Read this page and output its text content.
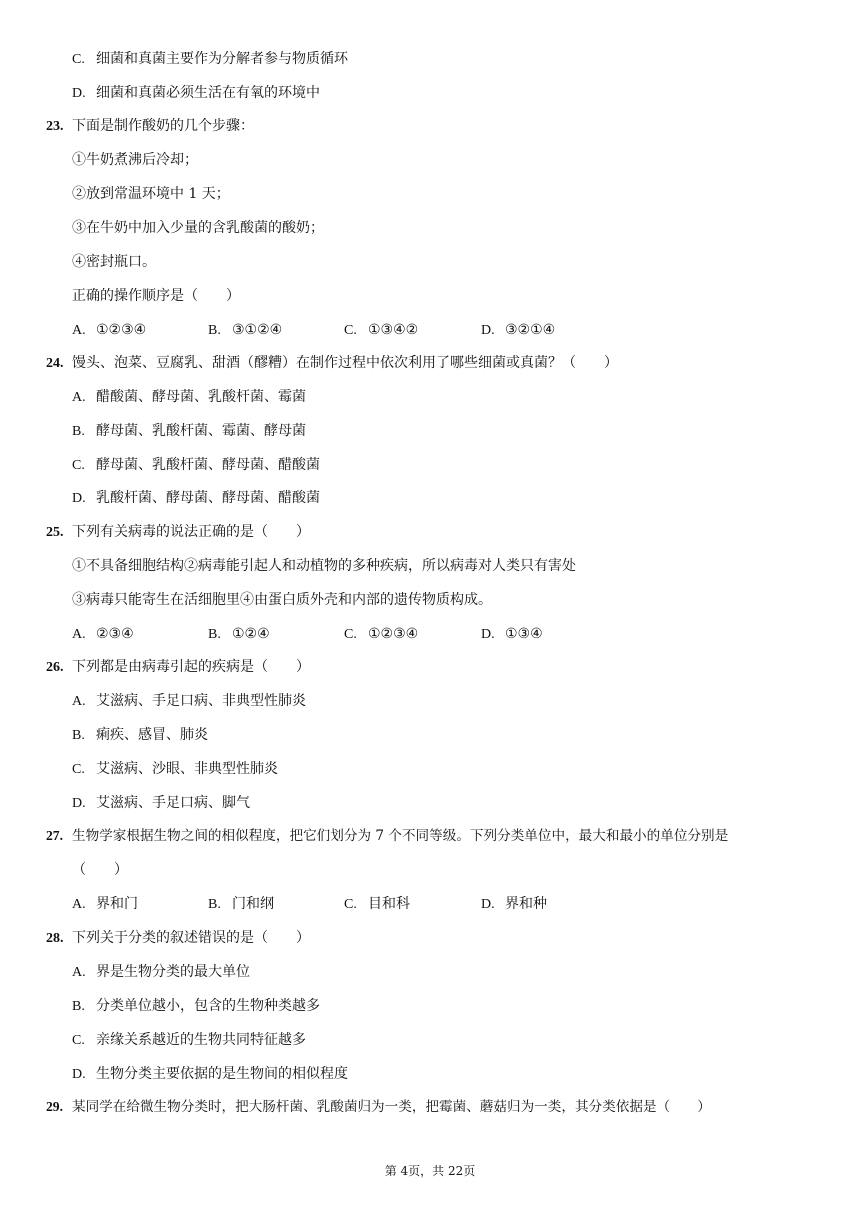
C. 细菌和真菌主要作为分解者参与物质循环
D. 细菌和真菌必须生活在有氧的环境中
23. 下面是制作酸奶的几个步骤：
①牛奶煮沸后冷却；
②放到常温环境中 1 天；
③在牛奶中加入少量的含乳酸菌的酸奶；
④密封瓶口。
正确的操作顺序是（　　）
A. ①②③④	B. ③①②④	C. ①③④②	D. ③②①④
24. 馒头、泡菜、豆腐乳、甜酒（醪糟）在制作过程中依次利用了哪些细菌或真菌？（　　）
A. 醋酸菌、酵母菌、乳酸杆菌、霉菌
B. 酵母菌、乳酸杆菌、霉菌、酵母菌
C. 酵母菌、乳酸杆菌、酵母菌、醋酸菌
D. 乳酸杆菌、酵母菌、酵母菌、醋酸菌
25. 下列有关病毒的说法正确的是（　　）
①不具备细胞结构②病毒能引起人和动植物的多种疾病，所以病毒对人类只有害处
③病毒只能寄生在活细胞里④由蛋白质外壳和内部的遗传物质构成。
A. ②③④	B. ①②④	C. ①②③④	D. ①③④
26. 下列都是由病毒引起的疾病是（　　）
A. 艾滋病、手足口病、非典型性肺炎
B. 痢疾、感冒、肺炎
C. 艾滋病、沙眼、非典型性肺炎
D. 艾滋病、手足口病、脚气
27. 生物学家根据生物之间的相似程度，把它们划分为 7 个不同等级。下列分类单位中，最大和最小的单位分别是
（　　）
A. 界和门	B. 门和纲	C. 目和科	D. 界和种
28. 下列关于分类的叙述错误的是（　　）
A. 界是生物分类的最大单位
B. 分类单位越小，包含的生物种类越多
C. 亲缘关系越近的生物共同特征越多
D. 生物分类主要依据的是生物间的相似程度
29. 某同学在给微生物分类时，把大肠杆菌、乳酸菌归为一类，把霉菌、蘑菇归为一类，其分类依据是（　　）
第 4页，共 22页
